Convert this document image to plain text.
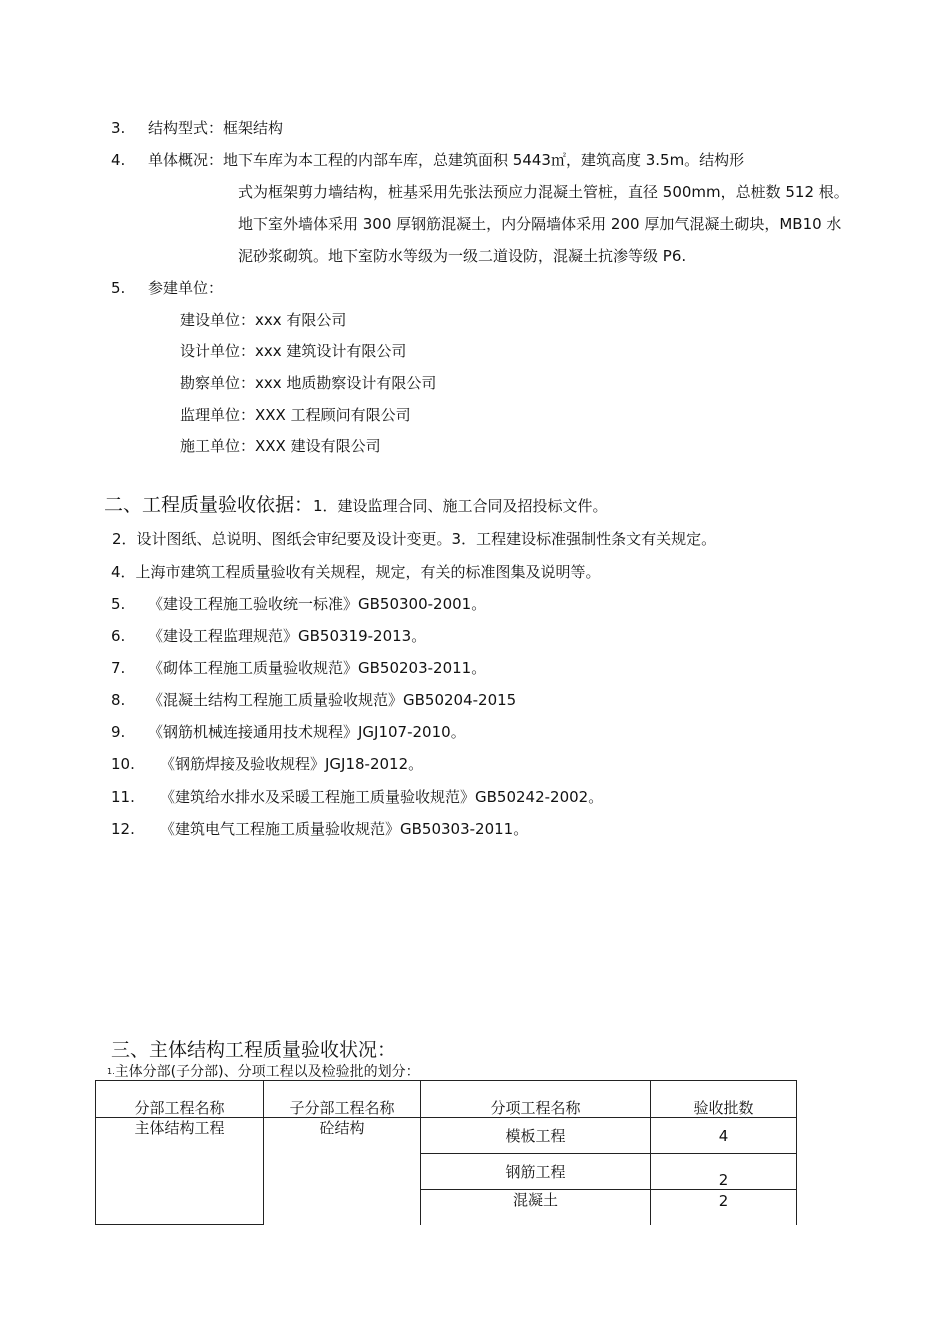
3. 结构型式：框架结构
4. 单体概况：地下车库为本工程的内部车库，总建筑面积 5443㎡，建筑高度 3.5m。结构形
式为框架剪力墙结构，桩基采用先张法预应力混凝土管桩，直径 500mm，总桩数 512 根。
地下室外墙体采用 300 厚钢筋混凝土，内分隔墙体采用 200 厚加气混凝土砌块，MB10 水
泥砂浆砌筑。地下室防水等级为一级二道设防，混凝土抗渗等级 P6.
5. 参建单位：
建设单位：xxx 有限公司
设计单位：xxx 建筑设计有限公司
勘察单位：xxx 地质勘察设计有限公司
监理单位：XXX 工程顾问有限公司
施工单位：XXX 建设有限公司
二、工程质量验收依据：1．建设监理合同、施工合同及招投标文件。
2．设计图纸、总说明、图纸会审纪要及设计变更。3．工程建设标准强制性条文有关规定。
4．上海市建筑工程质量验收有关规程，规定，有关的标准图集及说明等。
5. 《建设工程施工验收统一标准》GB50300-2001。
6. 《建设工程监理规范》GB50319-2013。
7. 《砌体工程施工质量验收规范》GB50203-2011。
8. 《混凝土结构工程施工质量验收规范》GB50204-2015
9. 《钢筋机械连接通用技术规程》JGJ107-2010。
10. 《钢筋焊接及验收规程》JGJ18-2012。
11. 《建筑给水排水及采暖工程施工质量验收规范》GB50242-2002。
12. 《建筑电气工程施工质量验收规范》GB50303-2011。
三、主体结构工程质量验收状况：
$^{1.}$主体分部(子分部)、分项工程以及检验批的划分：
分部工程名称	子分部工程名称	分项工程名称	验收批数
主体结构工程	砼结构	模板工程	4
钢筋工程	2
混凝土	2
